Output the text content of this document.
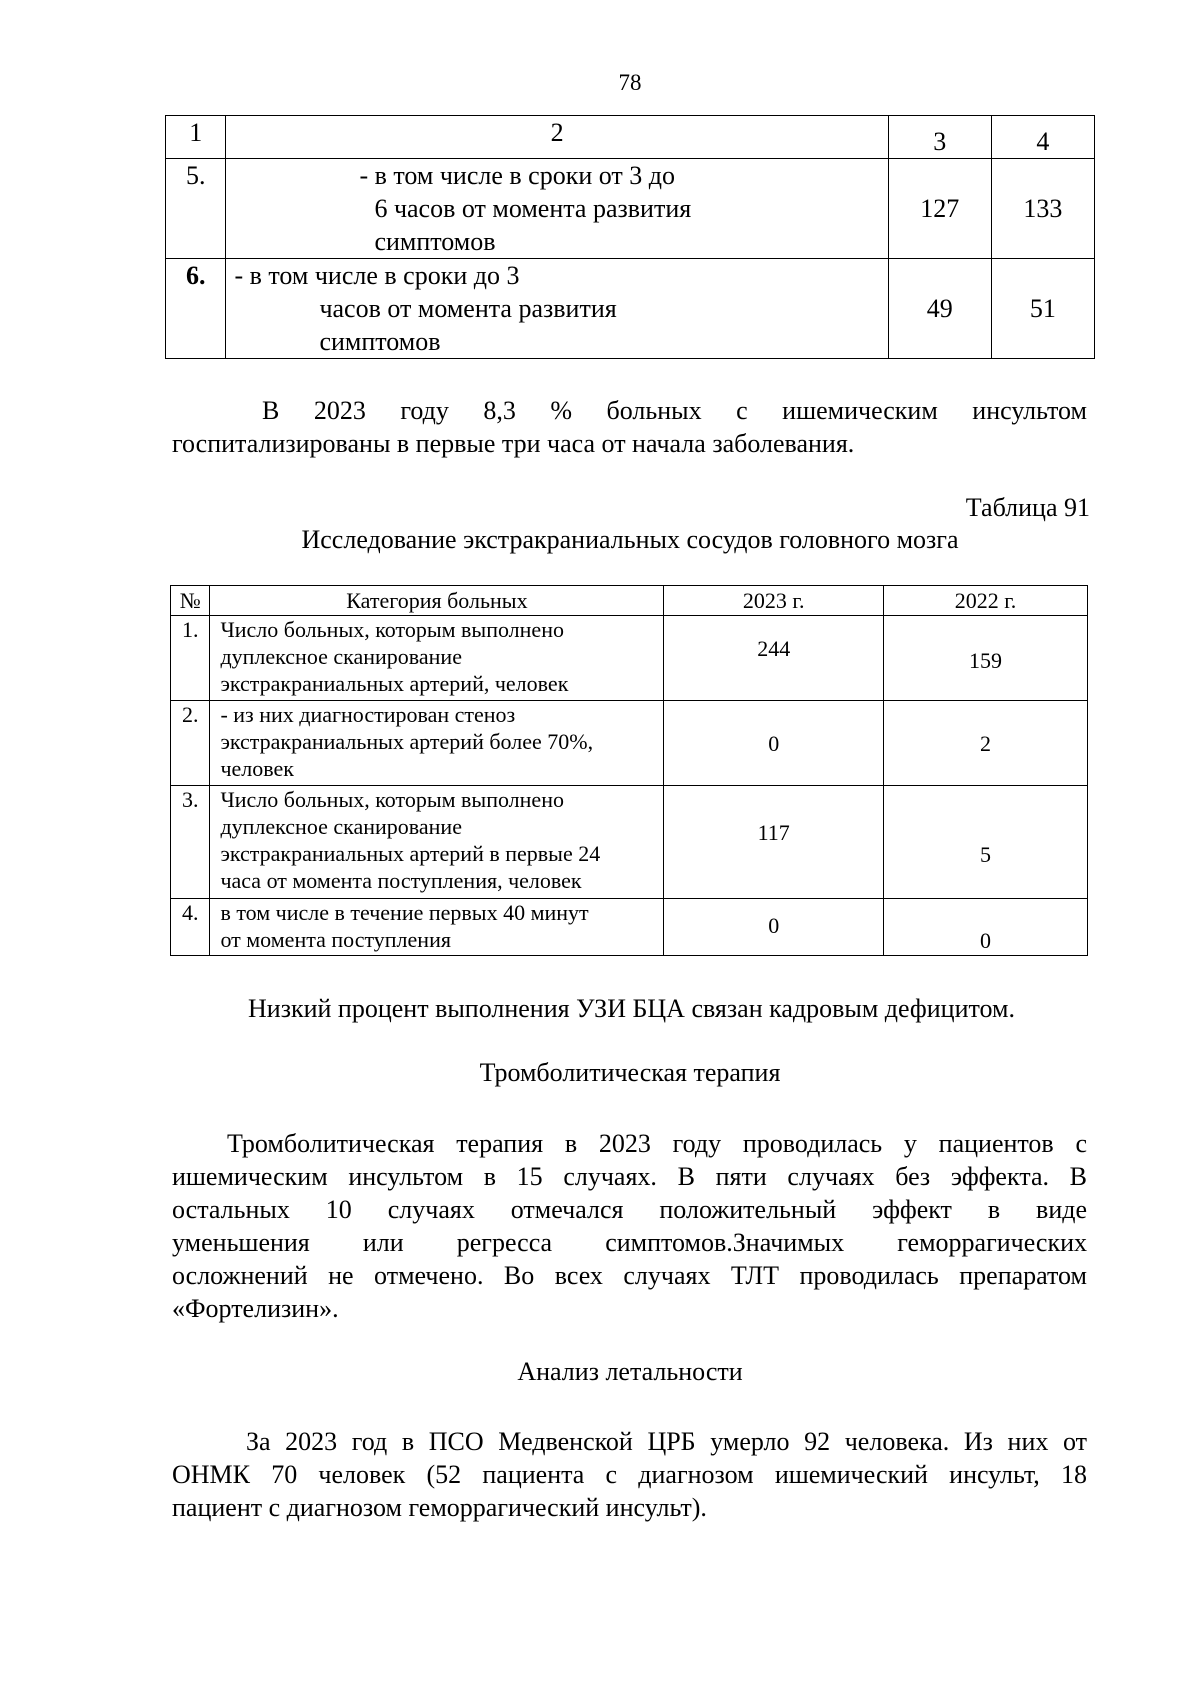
78
1	2	3	4
5.	- в том числе в сроки от 3 до
6 часов от момента развития
симптомов	127	133
6.	- в том числе в сроки до 3
часов от момента развития
симптомов	49	51
В 2023 году 8,3 % больных с ишемическим инсультом
госпитализированы в первые три часа от начала заболевания.
Таблица 91
Исследование экстракраниальных сосудов головного мозга
№	Категория больных	2023 г.	2022 г.
1.	Число больных, которым выполнено
дуплексное сканирование
экстракраниальных артерий, человек	244	159
2.	- из них диагностирован стеноз
экстракраниальных артерий более 70%,
человек	0	2
3.	Число больных, которым выполнено
дуплексное сканирование
экстракраниальных артерий в первые 24
часа от момента поступления, человек	117	5
4.	в том числе в течение первых 40 минут
от момента поступления	0	0
Низкий процент выполнения УЗИ БЦА связан кадровым дефицитом.
Тромболитическая терапия
Тромболитическая терапия в 2023 году проводилась у пациентов с
ишемическим инсультом в 15 случаях. В пяти случаях без эффекта. В
остальных 10 случаях отмечался положительный эффект в виде
уменьшения или регресса симптомов.Значимых геморрагических
осложнений не отмечено. Во всех случаях ТЛТ проводилась препаратом
«Фортелизин».
Анализ летальности
За 2023 год в ПСО Медвенской ЦРБ умерло 92 человека. Из них от
ОНМК 70 человек (52 пациента с диагнозом ишемический инсульт, 18
пациент с диагнозом геморрагический инсульт).
